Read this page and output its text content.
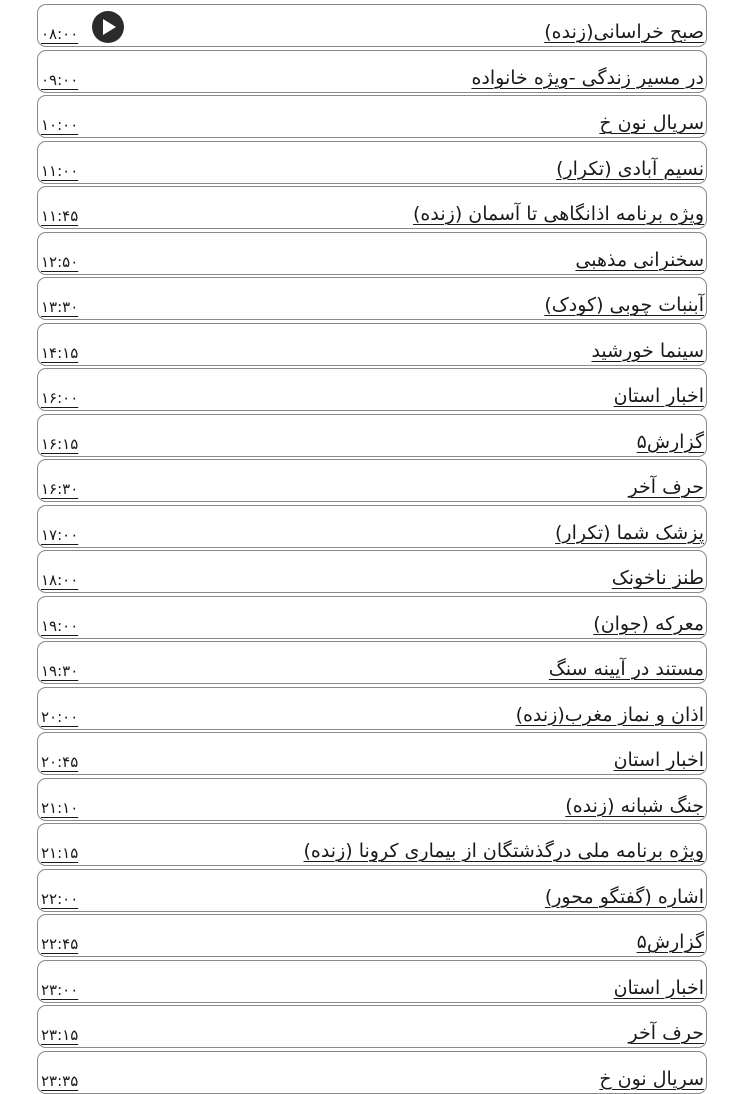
صبح خراسانی(زنده)
۰۸:۰۰
در مسیر زندگی -ویژه خانواده
۰۹:۰۰
سریال نون خ
۱۰:۰۰
نسیم آبادی (تکرار)
۱۱:۰۰
ویژه برنامه اذانگاهی تا آسمان (زنده)
۱۱:۴۵
سخنرانی مذهبی
۱۲:۵۰
آبنبات چوبی (کودک)
۱۳:۳۰
سینما خورشید
۱۴:۱۵
اخبار استان
۱۶:۰۰
گزارش۵
۱۶:۱۵
حرف آخر
۱۶:۳۰
پزشک شما (تکرار)
۱۷:۰۰
طنز ناخونک
۱۸:۰۰
معرکه (جوان)
۱۹:۰۰
مستند در آیینه سنگ
۱۹:۳۰
اذان و نماز مغرب(زنده)
۲۰:۰۰
اخبار استان
۲۰:۴۵
جنگ شبانه (زنده)
۲۱:۱۰
ویژه برنامه ملی درگذشتگان از بیماری کرونا (زنده)
۲۱:۱۵
اشاره (گفتگو محور)
۲۲:۰۰
گزارش۵
۲۲:۴۵
اخبار استان
۲۳:۰۰
حرف آخر
۲۳:۱۵
سریال نون خ
۲۳:۳۵
